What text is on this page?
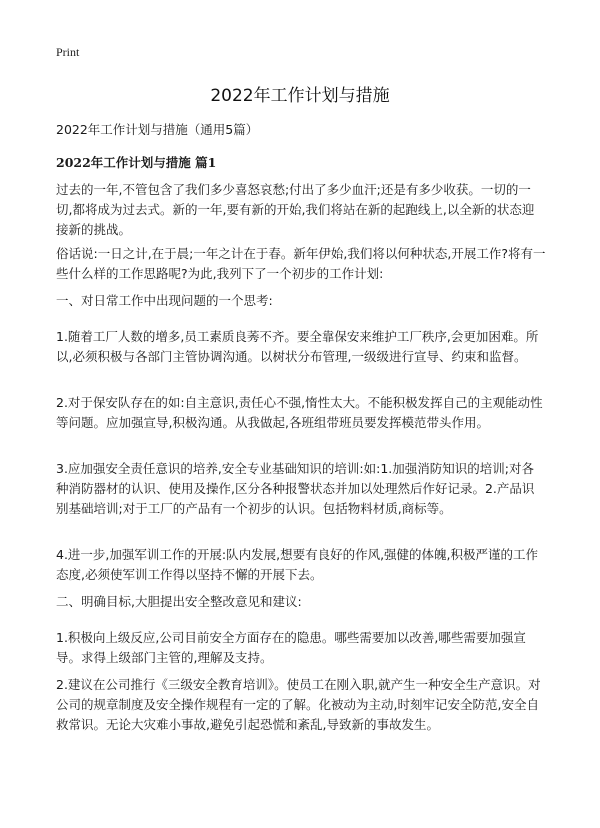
Print
2022年工作计划与措施
2022年工作计划与措施（通用5篇）
2022年工作计划与措施 篇1

过去的一年,不管包含了我们多少喜怒哀愁;付出了多少血汗;还是有多少收获。一切的一切,都将成为过去式。新的一年,要有新的开始,我们将站在新的起跑线上,以全新的状态迎接新的挑战。

俗话说:一日之计,在于晨;一年之计在于春。新年伊始,我们将以何种状态,开展工作?将有一些什么样的工作思路呢?为此,我列下了一个初步的工作计划:

一、对日常工作中出现问题的一个思考:

1.随着工厂人数的增多,员工素质良莠不齐。要全靠保安来维护工厂秩序,会更加困难。所以,必须积极与各部门主管协调沟通。以树状分布管理,一级级进行宣导、约束和监督。

2.对于保安队存在的如:自主意识,责任心不强,惰性太大。不能积极发挥自己的主观能动性等问题。应加强宣导,积极沟通。从我做起,各班组带班员要发挥模范带头作用。

3.应加强安全责任意识的培养,安全专业基础知识的培训:如:1.加强消防知识的培训;对各种消防器材的认识、使用及操作,区分各种报警状态并加以处理然后作好记录。2.产品识别基础培训;对于工厂的产品有一个初步的认识。包括物料材质,商标等。

4.进一步,加强军训工作的开展:队内发展,想要有良好的作风,强健的体魄,积极严谨的工作态度,必须使军训工作得以坚持不懈的开展下去。

二、明确目标,大胆提出安全整改意见和建议:

1.积极向上级反应,公司目前安全方面存在的隐患。哪些需要加以改善,哪些需要加强宣导。求得上级部门主管的,理解及支持。

2.建议在公司推行《三级安全教育培训》。使员工在刚入职,就产生一种安全生产意识。对公司的规章制度及安全操作规程有一定的了解。化被动为主动,时刻牢记安全防范,安全自救常识。无论大灾难小事故,避免引起恐慌和紊乱,导致新的事故发生。
